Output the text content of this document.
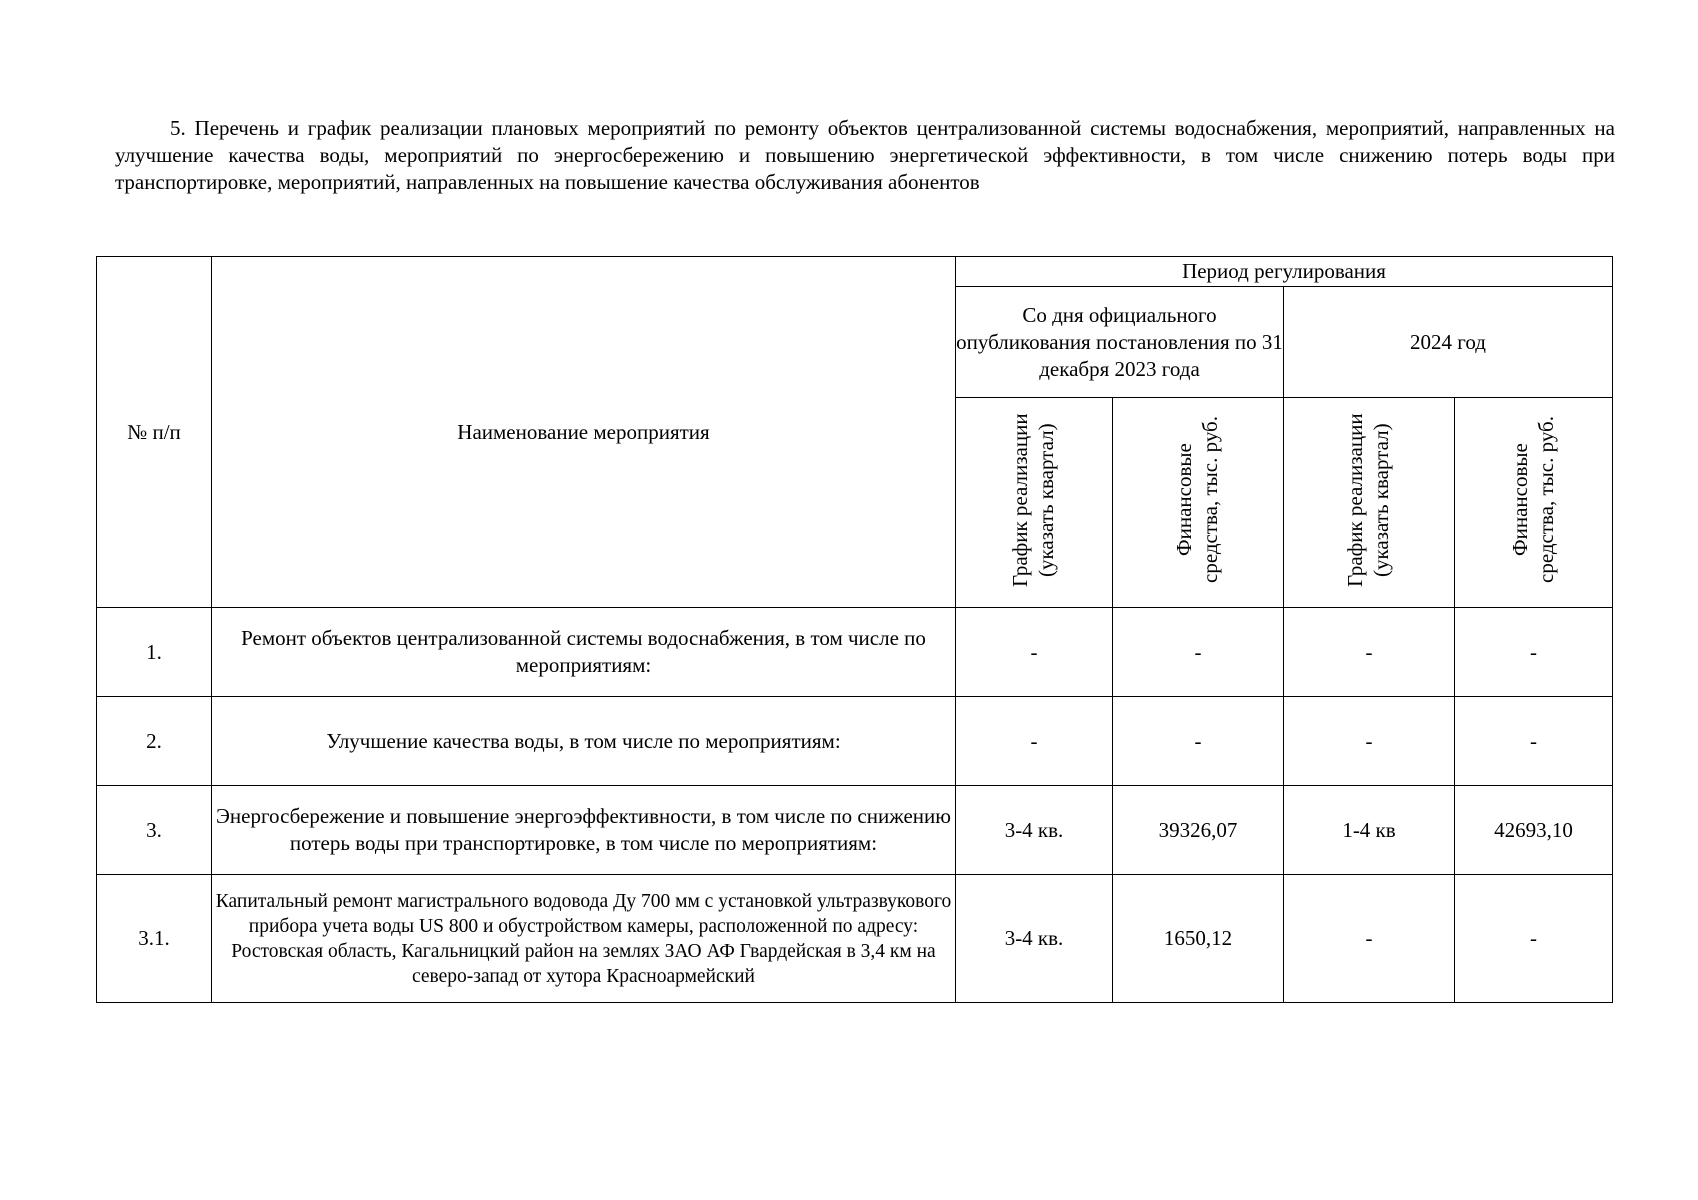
5. Перечень и график реализации плановых мероприятий по ремонту объектов централизованной системы водоснабжения, мероприятий, направленных на улучшение качества воды, мероприятий по энергосбережению и повышению энергетической эффективности, в том числе снижению потерь воды при транспортировке, мероприятий, направленных на повышение качества обслуживания абонентов

№ п/п	Наименование мероприятия	Период регулирования			
		Со дня официального опубликования постановления по 31 декабря 2023 года		2024 год	
		График реализации (указать квартал)	Финансовые средства, тыс. руб.	График реализации (указать квартал)	Финансовые средства, тыс. руб.
1.	Ремонт объектов централизованной системы водоснабжения, в том числе по мероприятиям:	-	-	-	-
2.	Улучшение качества воды, в том числе по мероприятиям:	-	-	-	-
3.	Энергосбережение и повышение энергоэффективности, в том числе по снижению потерь воды при транспортировке, в том числе по мероприятиям:	3-4 кв.	39326,07	1-4 кв	42693,10
3.1.	Капитальный ремонт магистрального водовода Ду 700 мм с установкой ультразвукового прибора учета воды US 800 и обустройством камеры, расположенной по адресу: Ростовская область, Кагальницкий район на землях ЗАО АФ Гвардейская в 3,4 км на северо-запад от хутора Красноармейский	3-4 кв.	1650,12	-	-
